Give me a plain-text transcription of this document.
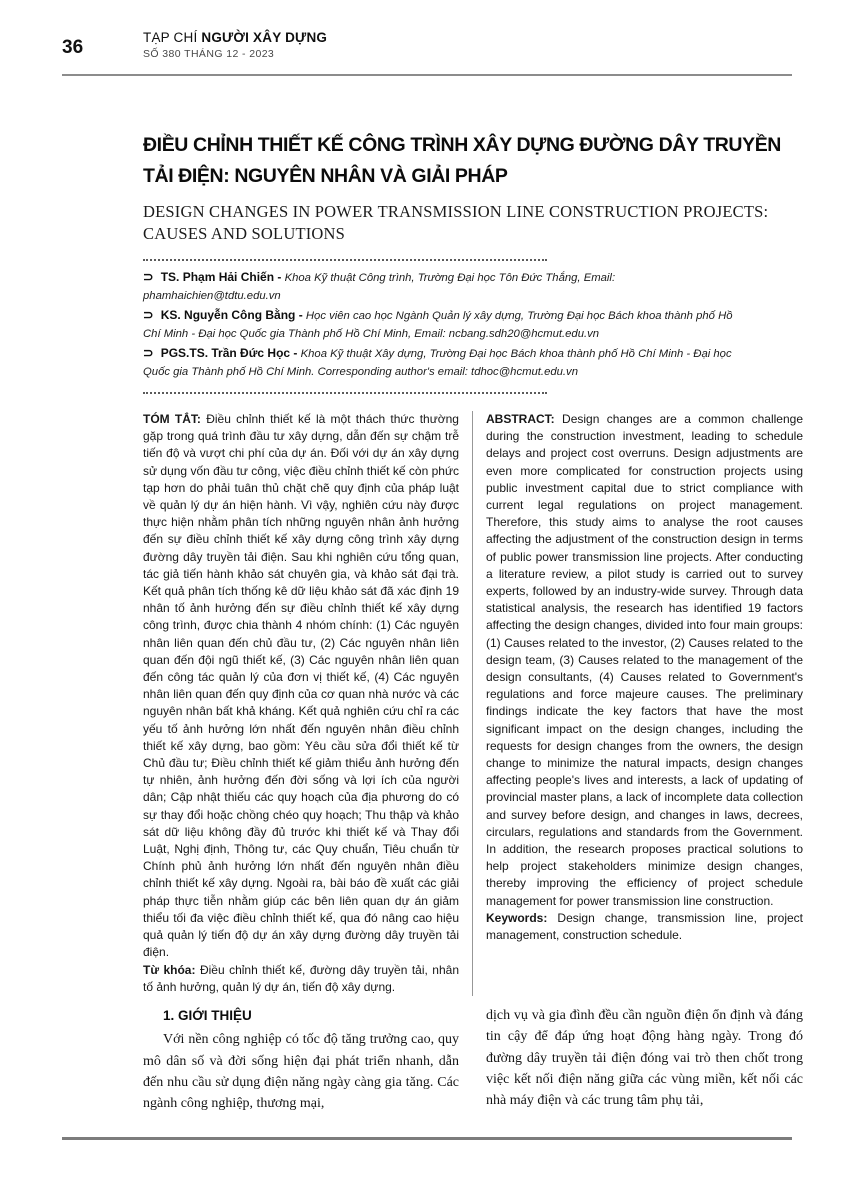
36	TẠP CHÍ NGƯỜI XÂY DỰNG
SỐ 380 THÁNG 12 - 2023
ĐIỀU CHỈNH THIẾT KẾ CÔNG TRÌNH XÂY DỰNG ĐƯỜNG DÂY TRUYỀN TẢI ĐIỆN: NGUYÊN NHÂN VÀ GIẢI PHÁP
DESIGN CHANGES IN POWER TRANSMISSION LINE CONSTRUCTION PROJECTS: CAUSES AND SOLUTIONS

⊃ TS. Phạm Hải Chiến - Khoa Kỹ thuật Công trình, Trường Đại học Tôn Đức Thắng, Email: phamhaichien@tdtu.edu.vn

⊃ KS. Nguyễn Công Bằng - Học viên cao học Ngành Quản lý xây dựng, Trường Đại học Bách khoa thành phố Hồ Chí Minh - Đại học Quốc gia Thành phố Hồ Chí Minh, Email: ncbang.sdh20@hcmut.edu.vn

⊃ PGS.TS. Trần Đức Học - Khoa Kỹ thuật Xây dựng, Trường Đại học Bách khoa thành phố Hồ Chí Minh - Đại học Quốc gia Thành phố Hồ Chí Minh. Corresponding author's email: tdhoc@hcmut.edu.vn

TÓM TẮT: Điều chỉnh thiết kế là một thách thức thường gặp trong quá trình đầu tư xây dựng, dẫn đến sự chậm trễ tiến độ và vượt chi phí của dự án. Đối với dự án xây dựng sử dụng vốn đầu tư công, việc điều chỉnh thiết kế còn phức tạp hơn do phải tuân thủ chặt chẽ quy định của pháp luật về quản lý dự án hiện hành. Vì vậy, nghiên cứu này được thực hiện nhằm phân tích những nguyên nhân ảnh hưởng đến sự điều chỉnh thiết kế xây dựng công trình xây dựng đường dây truyền tải điện. Sau khi nghiên cứu tổng quan, tác giả tiến hành khảo sát chuyên gia, và khảo sát đại trà. Kết quả phân tích thống kê dữ liệu khảo sát đã xác định 19 nhân tố ảnh hưởng đến sự điều chỉnh thiết kế xây dựng công trình, được chia thành 4 nhóm chính: (1) Các nguyên nhân liên quan đến chủ đầu tư, (2) Các nguyên nhân liên quan đến đội ngũ thiết kế, (3) Các nguyên nhân liên quan đến công tác quản lý của đơn vị thiết kế, (4) Các nguyên nhân liên quan đến quy định của cơ quan nhà nước và các nguyên nhân bất khả kháng. Kết quả nghiên cứu chỉ ra các yếu tố ảnh hưởng lớn nhất đến nguyên nhân điều chỉnh thiết kế xây dựng, bao gồm: Yêu cầu sửa đổi thiết kế từ Chủ đầu tư; Điều chỉnh thiết kế giảm thiểu ảnh hưởng đến tự nhiên, ảnh hưởng đến đời sống và lợi ích của người dân; Cập nhật thiếu các quy hoạch của địa phương do có sự thay đổi hoặc chồng chéo quy hoạch; Thu thập và khảo sát dữ liệu không đầy đủ trước khi thiết kế và Thay đổi Luật, Nghị định, Thông tư, các Quy chuẩn, Tiêu chuẩn từ Chính phủ ảnh hưởng lớn nhất đến nguyên nhân điều chỉnh thiết kế xây dựng. Ngoài ra, bài báo đề xuất các giải pháp thực tiễn nhằm giúp các bên liên quan dự án giảm thiểu tối đa việc điều chỉnh thiết kế, qua đó nâng cao hiệu quả quản lý tiến độ dự án xây dựng đường dây truyền tải điện.

Từ khóa: Điều chỉnh thiết kế, đường dây truyền tải, nhân tố ảnh hưởng, quản lý dự án, tiến độ xây dựng.

ABSTRACT: Design changes are a common challenge during the construction investment, leading to schedule delays and project cost overruns. Design adjustments are even more complicated for construction projects using public investment capital due to strict compliance with current legal regulations on project management. Therefore, this study aims to analyse the root causes affecting the adjustment of the construction design in terms of public power transmission line projects. After conducting a literature review, a pilot study is carried out to survey experts, followed by an industry-wide survey. Through data statistical analysis, the research has identified 19 factors affecting the design changes, divided into four main groups: (1) Causes related to the investor, (2) Causes related to the design team, (3) Causes related to the management of the design consultants, (4) Causes related to Government's regulations and force majeure causes. The preliminary findings indicate the key factors that have the most significant impact on the design changes, including the requests for design changes from the owners, the design change to minimize the natural impacts, design changes affecting people's lives and interests, a lack of updating of provincial master plans, a lack of incomplete data collection and survey before design, and changes in laws, decrees, circulars, regulations and standards from the Government. In addition, the research proposes practical solutions to help project stakeholders minimize design changes, thereby improving the efficiency of project schedule management for power transmission line construction.

Keywords: Design change, transmission line, project management, construction schedule.

1. GIỚI THIỆU

Với nền công nghiệp có tốc độ tăng trưởng cao, quy mô dân số và đời sống hiện đại phát triển nhanh, dẫn đến nhu cầu sử dụng điện năng ngày càng gia tăng. Các ngành công nghiệp, thương mại,

dịch vụ và gia đình đều cần nguồn điện ổn định và đáng tin cậy để đáp ứng hoạt động hàng ngày. Trong đó đường dây truyền tải điện đóng vai trò then chốt trong việc kết nối điện năng giữa các vùng miền, kết nối các nhà máy điện và các trung tâm phụ tải,
